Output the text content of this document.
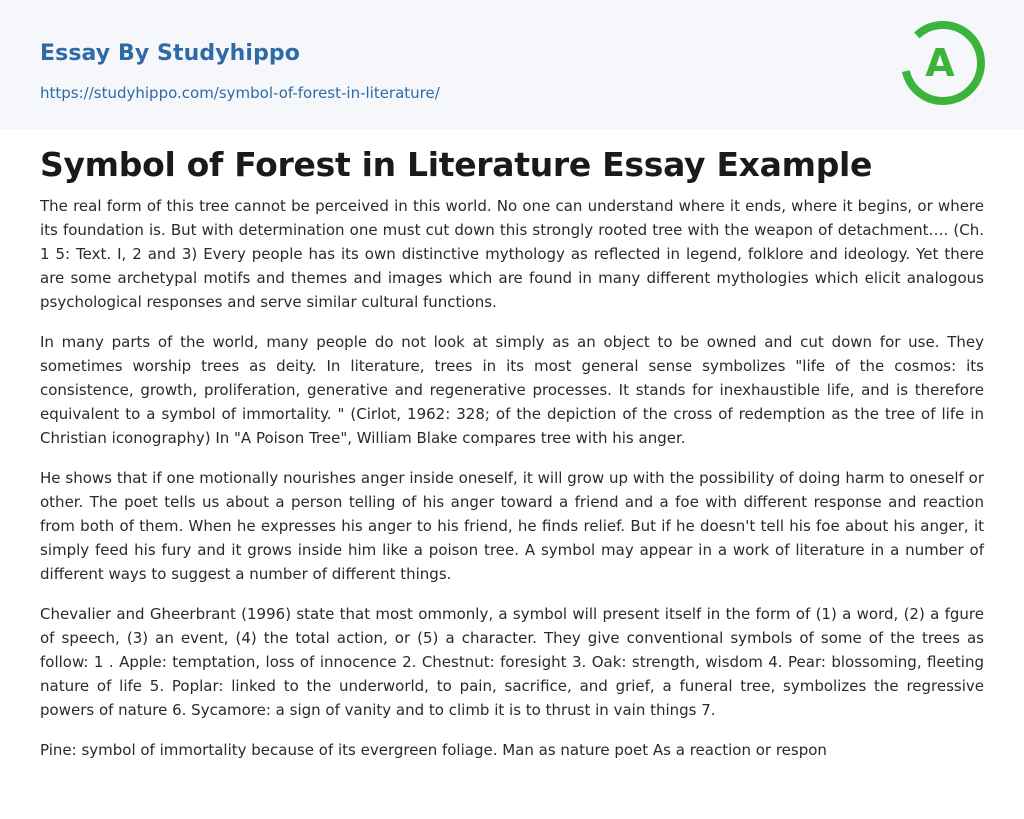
Essay By Studyhippo
https://studyhippo.com/symbol-of-forest-in-literature/
A
Symbol of Forest in Literature Essay Example

The real form of this tree cannot be perceived in this world. No one can understand where it ends, where it begins, or where its foundation is. But with determination one must cut down this strongly rooted tree with the weapon of detachment…. (Ch. 1 5: Text. I, 2 and 3) Every people has its own distinctive mythology as reflected in legend, folklore and ideology. Yet there are some archetypal motifs and themes and images which are found in many different mythologies which elicit analogous psychological responses and serve similar cultural functions.

In many parts of the world, many people do not look at simply as an object to be owned and cut down for use. They sometimes worship trees as deity. In literature, trees in its most general sense symbolizes "life of the cosmos: its consistence, growth, proliferation, generative and regenerative processes. It stands for inexhaustible life, and is therefore equivalent to a symbol of immortality. " (Cirlot, 1962: 328; of the depiction of the cross of redemption as the tree of life in Christian iconography) In "A Poison Tree", William Blake compares tree with his anger.

He shows that if one motionally nourishes anger inside oneself, it will grow up with the possibility of doing harm to oneself or other. The poet tells us about a person telling of his anger toward a friend and a foe with different response and reaction from both of them. When he expresses his anger to his friend, he finds relief. But if he doesn't tell his foe about his anger, it simply feed his fury and it grows inside him like a poison tree. A symbol may appear in a work of literature in a number of different ways to suggest a number of different things.

Chevalier and Gheerbrant (1996) state that most ommonly, a symbol will present itself in the form of (1) a word, (2) a fgure of speech, (3) an event, (4) the total action, or (5) a character. They give conventional symbols of some of the trees as follow: 1 . Apple: temptation, loss of innocence 2. Chestnut: foresight 3. Oak: strength, wisdom 4. Pear: blossoming, fleeting nature of life 5. Poplar: linked to the underworld, to pain, sacrifice, and grief, a funeral tree, symbolizes the regressive powers of nature 6. Sycamore: a sign of vanity and to climb it is to thrust in vain things 7.

Pine: symbol of immortality because of its evergreen foliage. Man as nature poet As a reaction or respon
